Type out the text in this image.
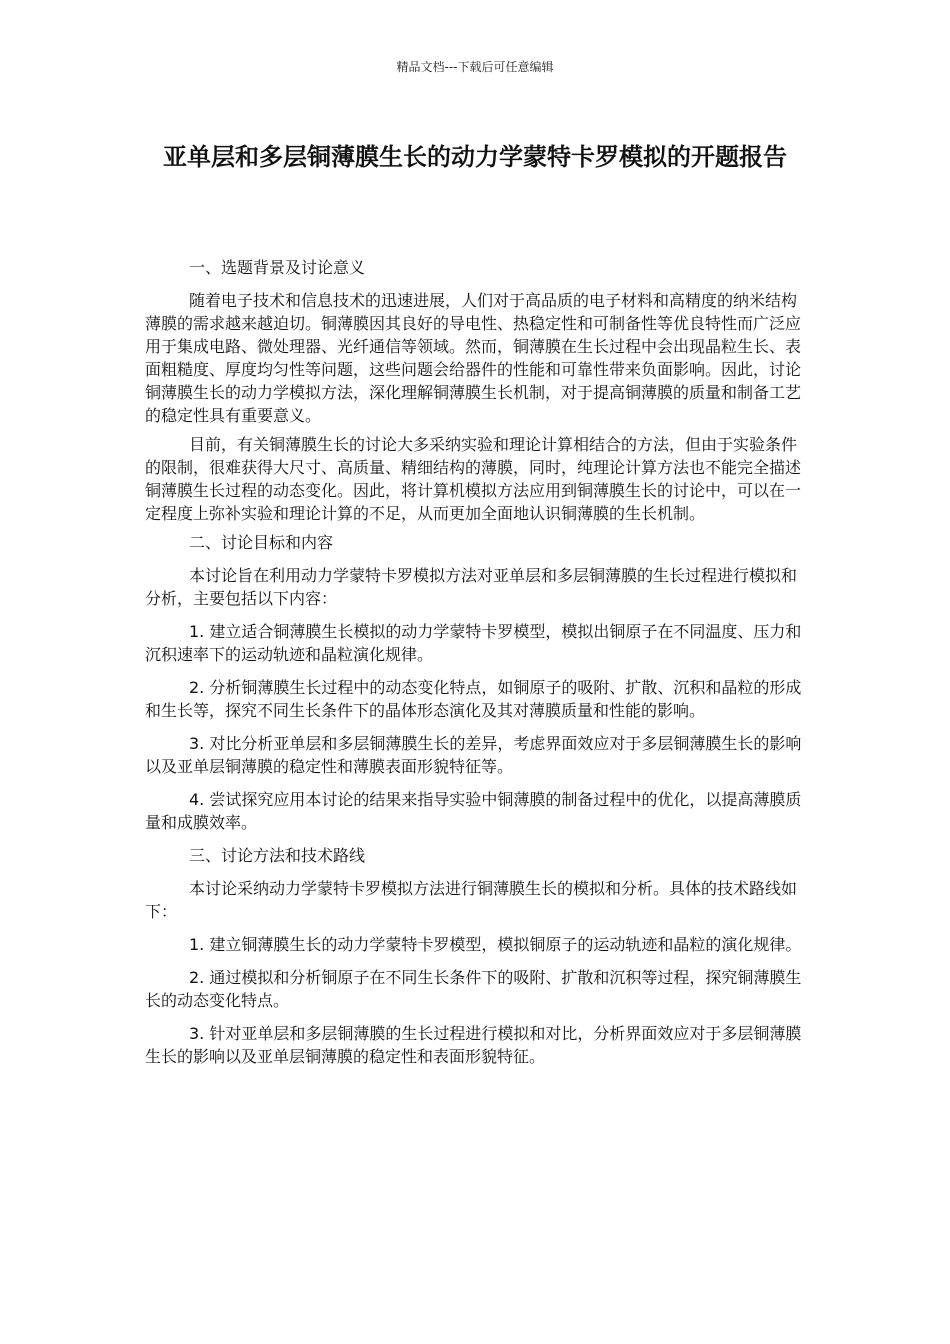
精品文档---下载后可任意编辑
亚单层和多层铜薄膜生长的动力学蒙特卡罗模拟的开题报告

一、选题背景及讨论意义

随着电子技术和信息技术的迅速进展，人们对于高品质的电子材料和高精度的纳米结构薄膜的需求越来越迫切。铜薄膜因其良好的导电性、热稳定性和可制备性等优良特性而广泛应用于集成电路、微处理器、光纤通信等领域。然而，铜薄膜在生长过程中会出现晶粒生长、表面粗糙度、厚度均匀性等问题，这些问题会给器件的性能和可靠性带来负面影响。因此，讨论铜薄膜生长的动力学模拟方法，深化理解铜薄膜生长机制，对于提高铜薄膜的质量和制备工艺的稳定性具有重要意义。

目前，有关铜薄膜生长的讨论大多采纳实验和理论计算相结合的方法，但由于实验条件的限制，很难获得大尺寸、高质量、精细结构的薄膜，同时，纯理论计算方法也不能完全描述铜薄膜生长过程的动态变化。因此，将计算机模拟方法应用到铜薄膜生长的讨论中，可以在一定程度上弥补实验和理论计算的不足，从而更加全面地认识铜薄膜的生长机制。

二、讨论目标和内容

本讨论旨在利用动力学蒙特卡罗模拟方法对亚单层和多层铜薄膜的生长过程进行模拟和分析，主要包括以下内容：

1. 建立适合铜薄膜生长模拟的动力学蒙特卡罗模型，模拟出铜原子在不同温度、压力和沉积速率下的运动轨迹和晶粒演化规律。

2. 分析铜薄膜生长过程中的动态变化特点，如铜原子的吸附、扩散、沉积和晶粒的形成和生长等，探究不同生长条件下的晶体形态演化及其对薄膜质量和性能的影响。

3. 对比分析亚单层和多层铜薄膜生长的差异，考虑界面效应对于多层铜薄膜生长的影响以及亚单层铜薄膜的稳定性和薄膜表面形貌特征等。

4. 尝试探究应用本讨论的结果来指导实验中铜薄膜的制备过程中的优化，以提高薄膜质量和成膜效率。

三、讨论方法和技术路线

本讨论采纳动力学蒙特卡罗模拟方法进行铜薄膜生长的模拟和分析。具体的技术路线如下：

1. 建立铜薄膜生长的动力学蒙特卡罗模型，模拟铜原子的运动轨迹和晶粒的演化规律。

2. 通过模拟和分析铜原子在不同生长条件下的吸附、扩散和沉积等过程，探究铜薄膜生长的动态变化特点。

3. 针对亚单层和多层铜薄膜的生长过程进行模拟和对比，分析界面效应对于多层铜薄膜生长的影响以及亚单层铜薄膜的稳定性和表面形貌特征。
